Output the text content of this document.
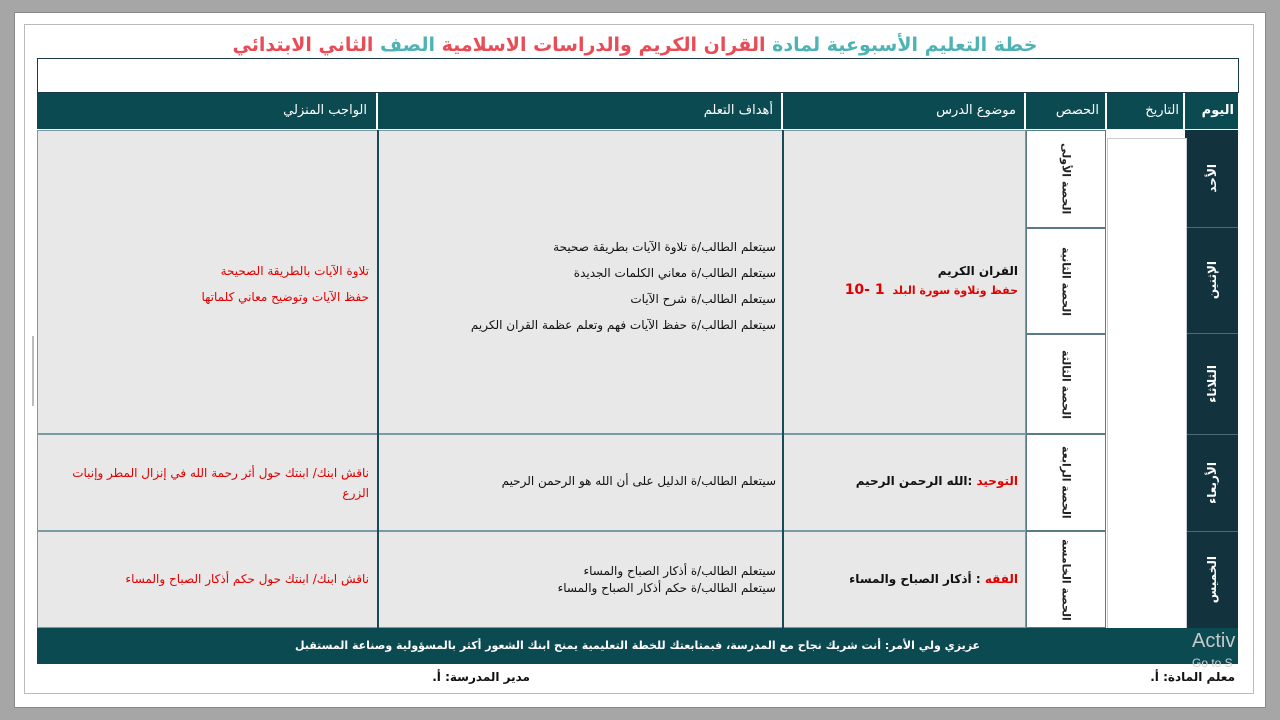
خطة التعليم الأسبوعية لمادة القران الكريم والدراسات الاسلامية الصف الثاني الابتدائي
اليوم
التاريخ
الحصص
موضوع الدرس
أهداف التعلم
الواجب المنزلي
الأحد
الإثنين
الثلاثاء
الأربعاء
الخميس
الحصة الأولى
الحصة الثانية
الحصة الثالثة
الحصة الرابعة
الحصة الخامسة
القران الكريم
حفظ وتلاوة سورة البلد 1 -10
سيتعلم الطالب/ة تلاوة الآيات بطريقة صحيحة
سيتعلم الطالب/ة معاني الكلمات الجديدة
سيتعلم الطالب/ة شرح الآيات
سيتعلم الطالب/ة حفظ الآيات فهم وتعلم عظمة القران الكريم
تلاوة الآيات بالطريقة الصحيحة
حفظ الآيات وتوضيح معاني كلماتها
التوحيد :الله الرحمن الرحيم
سيتعلم الطالب/ة الدليل على أن الله هو الرحمن الرحيم
ناقش ابنك/ ابنتك حول أثر رحمة الله في إنزال المطر وإنبات الزرع
الفقه : أذكار الصباح والمساء
سيتعلم الطالب/ة أذكار الصباح والمساء
سيتعلم الطالب/ة حكم أذكار الصباح والمساء
ناقش ابنك/ ابنتك حول حكم أذكار الصباح والمساء
عزيزي ولي الأمر: أنت شريك نجاح مع المدرسة، فبمتابعتك للخطة التعليمية يمنح ابنك الشعور أكثر بالمسؤولية وصناعة المستقبل
معلم المادة: أ.
مدير المدرسة: أ.
Activ
Go to S
